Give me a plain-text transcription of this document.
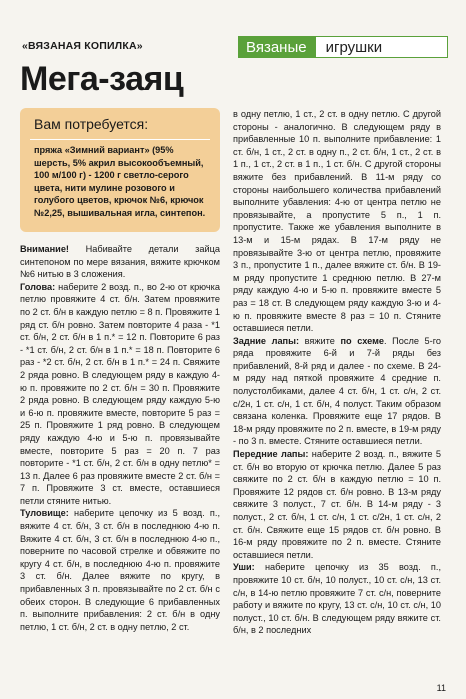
«ВЯЗАНАЯ КОПИЛКА»	Вязаные	игрушки
Мега-заяц
Вам потребуется:
пряжа «Зимний вариант» (95% шерсть, 5% акрил высокообъемный, 100 м/100 г) - 1200 г светло-серого цвета, нити мулине розового и голубого цветов, крючок №6, крючок №2,25, вышивальная игла, синтепон.

Внимание! Набивайте детали зайца синтепоном по мере вязания, вяжите крючком №6 нитью в 3 сложения.

Голова: наберите 2 возд. п., во 2-ю от крючка петлю провяжите 4 ст. б/н. Затем провяжите по 2 ст. б/н в каждую петлю = 8 п. Провяжите 1 ряд ст. б/н ровно. Затем повторите 4 раза - *1 ст. б/н, 2 ст. б/н в 1 п.* = 12 п. Повторите 6 раз - *1 ст. б/н, 2 ст. б/н в 1 п.* = 18 п. Повторите 6 раз - *2 ст. б/н, 2 ст. б/н в 1 п.* = 24 п. Свяжите 2 ряда ровно. В следующем ряду в каждую 4-ю п. провяжите по 2 ст. б/н = 30 п. Провяжите 2 ряда ровно. В следующем ряду каждую 5-ю и 6-ю п. провяжите вместе, повторите 5 раз = 25 п. Провяжите 1 ряд ровно. В следующем ряду каждую 4-ю и 5-ю п. провязывайте вместе, повторите 5 раз = 20 п. 7 раз повторите - *1 ст. б/н, 2 ст. б/н в одну петлю* = 13 п. Далее 6 раз провяжите вместе 2 ст. б/н = 7 п. Провяжите 3 ст. вместе, оставшиеся петли стяните нитью.

Туловище: наберите цепочку из 5 возд. п., вяжите 4 ст. б/н, 3 ст. б/н в последнюю 4-ю п. Вяжите 4 ст. б/н, 3 ст. б/н в последнюю 4-ю п., поверните по часовой стрелке и обвяжите по кругу 4 ст. б/н, в последнюю 4-ю п. провяжите 3 ст. б/н. Далее вяжите по кругу, в прибавленных 3 п. провязывайте по 2 ст. б/н с обеих сторон. В следующие 6 прибавленных п. выполните прибавления: 2 ст. б/н в одну петлю, 1 ст. б/н, 2 ст. в одну петлю, 2 ст.

в одну петлю, 1 ст., 2 ст. в одну петлю. С другой стороны - аналогично. В следующем ряду в прибавленные 10 п. выполните прибавление: 1 ст. б/н, 1 ст., 2 ст. в одну п., 2 ст. б/н, 1 ст., 2 ст. в 1 п., 1 ст., 2 ст. в 1 п., 1 ст. б/н. С другой стороны вяжите без прибавлений. В 11-м ряду со стороны наибольшего количества прибавлений выполните убавления: 4-ю от центра петлю не провязывайте, а пропустите 5 п., 1 п. пропустите. Также же убавления выполните в 13-м и 15-м рядах. В 17-м ряду не провязывайте 3-ю от центра петлю, провяжите 3 п., пропустите 1 п., далее вяжите ст. б/н. В 19-м ряду пропустите 1 среднюю петлю. В 27-м ряду каждую 4-ю и 5-ю п. провяжите вместе 5 раз = 18 ст. В следующем ряду каждую 3-ю и 4-ю п. провяжите вместе 8 раз = 10 п. Стяните оставшиеся петли.

Задние лапы: вяжите по схеме. После 5-го ряда провяжите 6-й и 7-й ряды без прибавлений, 8-й ряд и далее - по схеме. В 24-м ряду над пяткой провяжите 4 средние п. полустолбиками, далее 4 ст. б/н, 1 ст. с/н, 2 ст. с/2н, 1 ст. с/н, 1 ст. б/н, 4 полуст. Таким образом связана коленка. Провяжите еще 17 рядов. В 18-м ряду провяжите по 2 п. вместе, в 19-м ряду - по 3 п. вместе. Стяните оставшиеся петли.

Передние лапы: наберите 2 возд. п., вяжите 5 ст. б/н во вторую от крючка петлю. Далее 5 раз свяжите по 2 ст. б/н в каждую петлю = 10 п. Провяжите 12 рядов ст. б/н ровно. В 13-м ряду свяжите 3 полуст., 7 ст. б/н. В 14-м ряду - 3 полуст., 2 ст. б/н, 1 ст. с/н, 1 ст. с/2н, 1 ст. с/н, 2 ст. б/н. Свяжите еще 15 рядов ст. б/н ровно. В 16-м ряду провяжите по 2 п. вместе. Стяните оставшиеся петли.

Уши: наберите цепочку из 35 возд. п., провяжите 10 ст. б/н, 10 полуст., 10 ст. с/н, 13 ст. с/н, в 14-ю петлю провяжите 7 ст. с/н, поверните работу и вяжите по кругу, 13 ст. с/н, 10 ст. с/н, 10 полуст., 10 ст. б/н. В следующем ряду вяжите ст. б/н, в 2 последних

11
